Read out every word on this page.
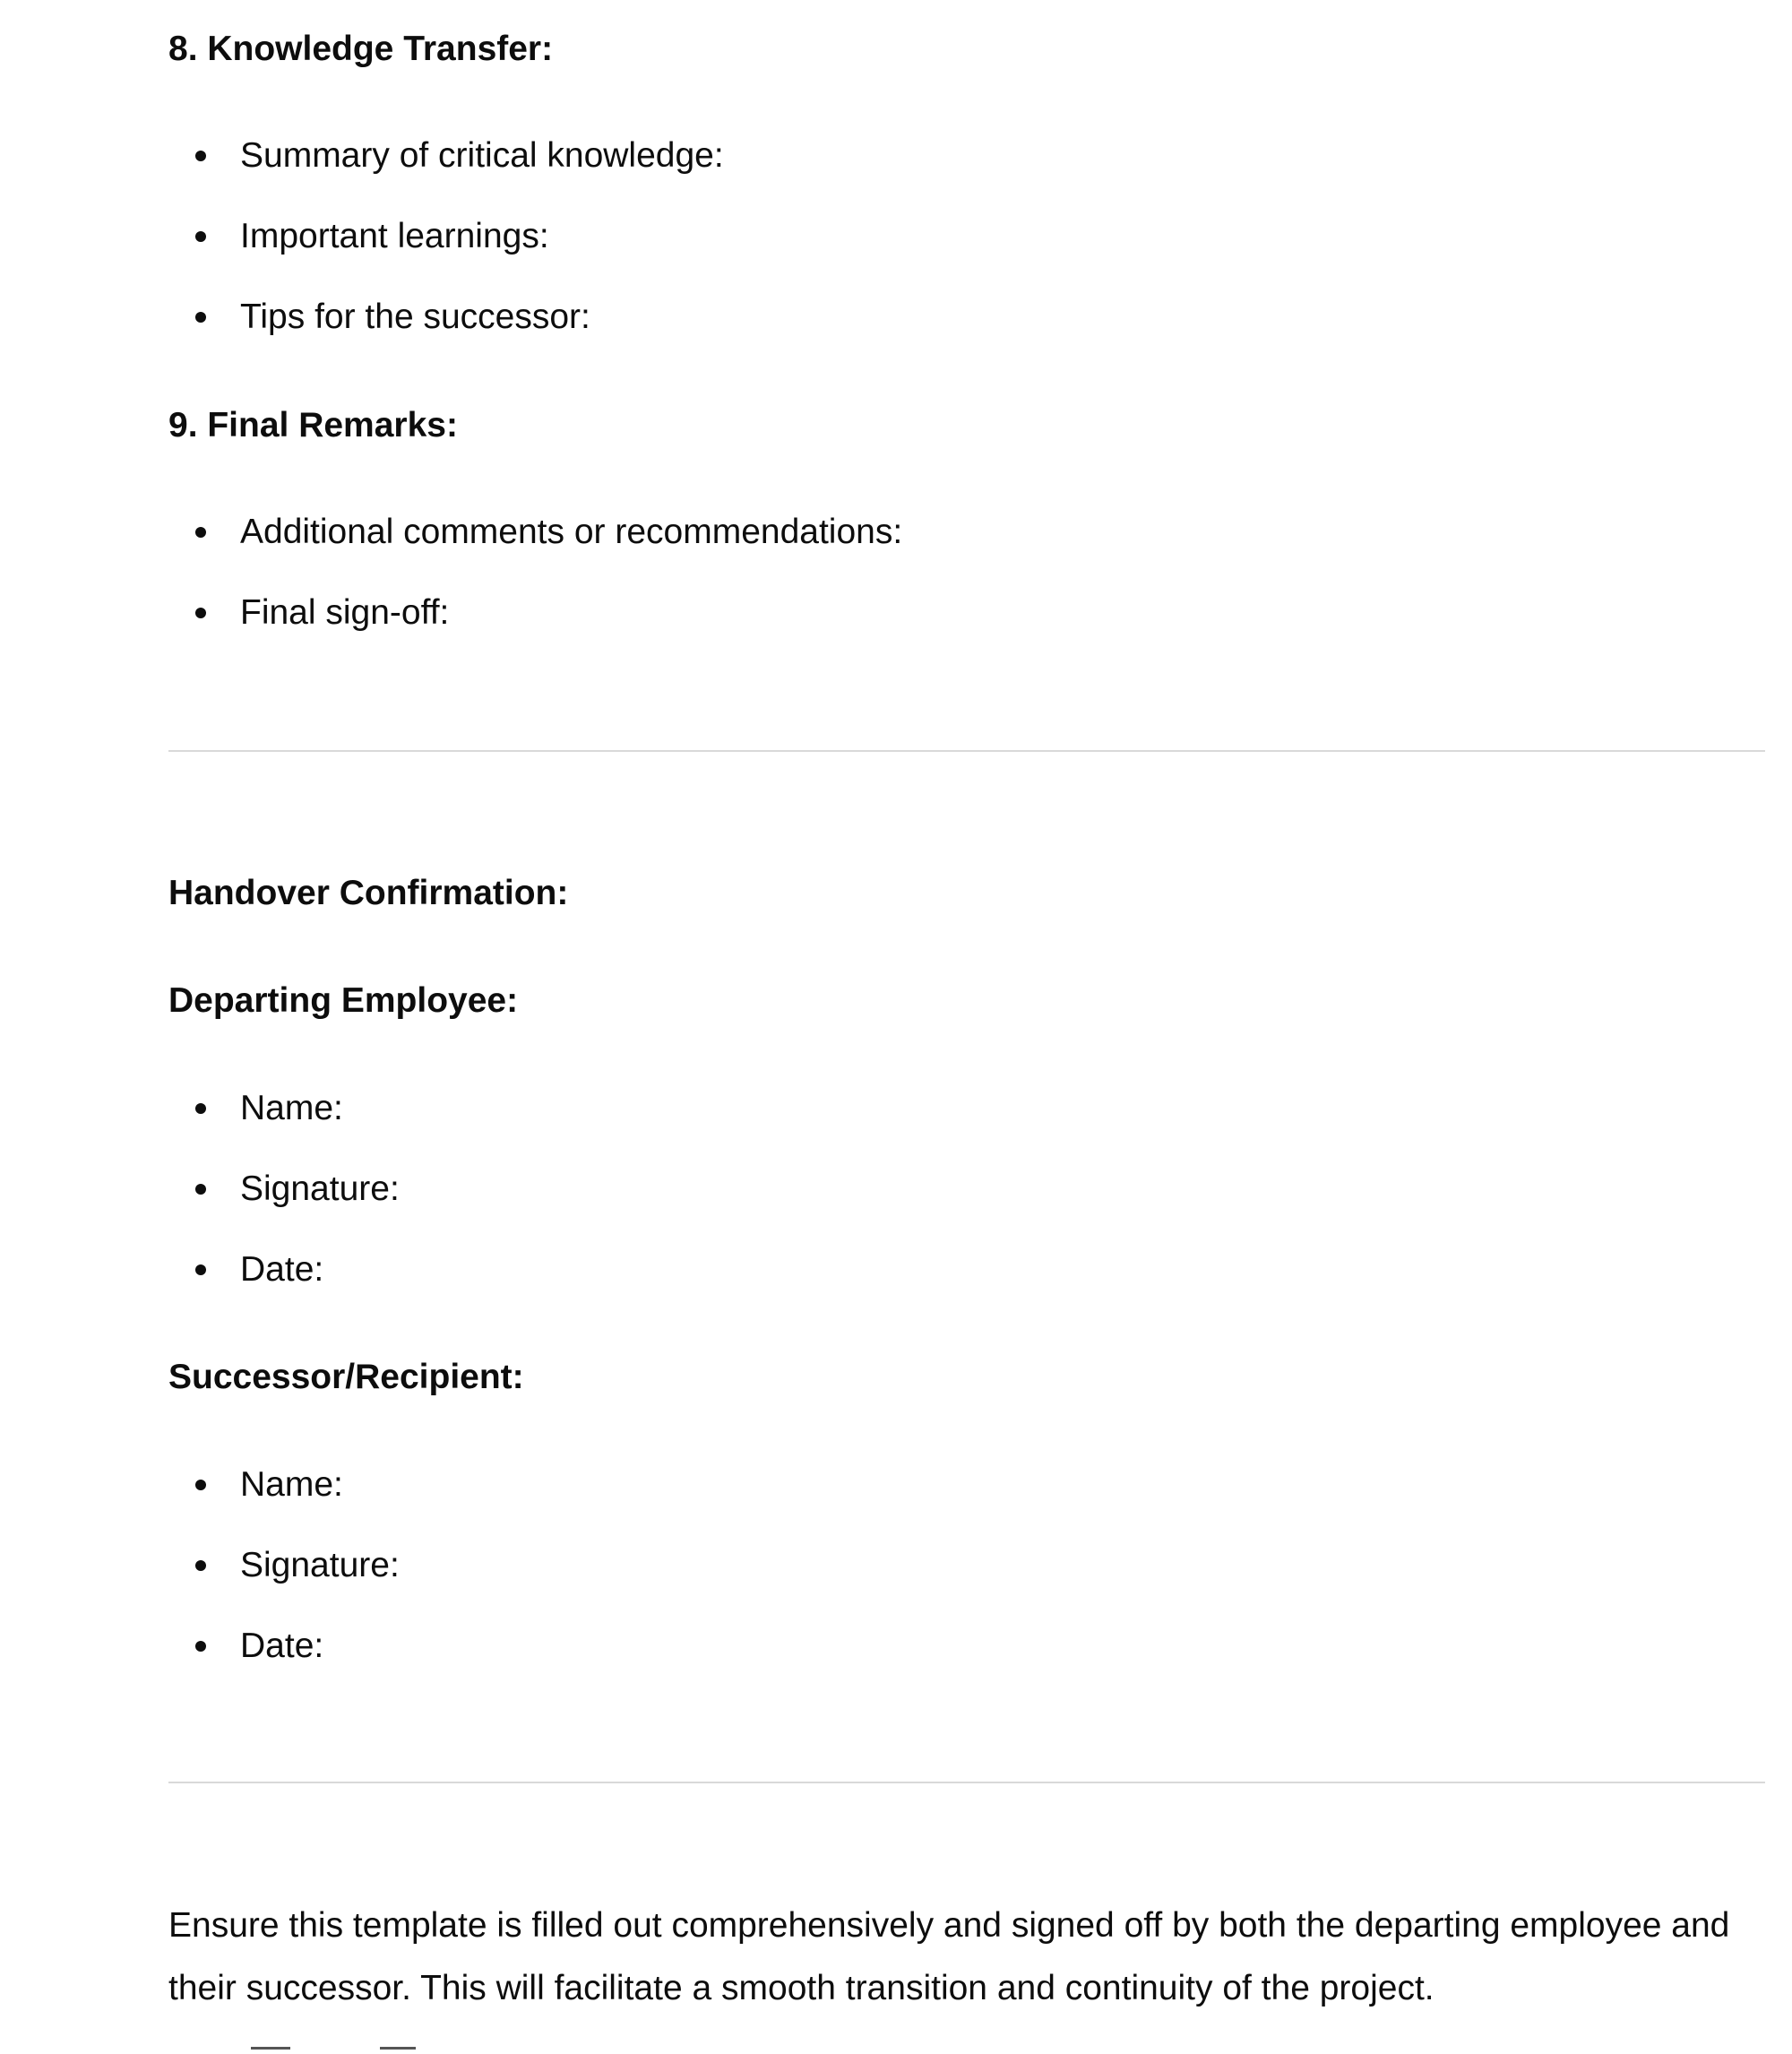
8. Knowledge Transfer:
Summary of critical knowledge:
Important learnings:
Tips for the successor:
9. Final Remarks:
Additional comments or recommendations:
Final sign-off:
Handover Confirmation:
Departing Employee:
Name:
Signature:
Date:
Successor/Recipient:
Name:
Signature:
Date:
Ensure this template is filled out comprehensively and signed off by both the departing employee and their successor. This will facilitate a smooth transition and continuity of the project.
